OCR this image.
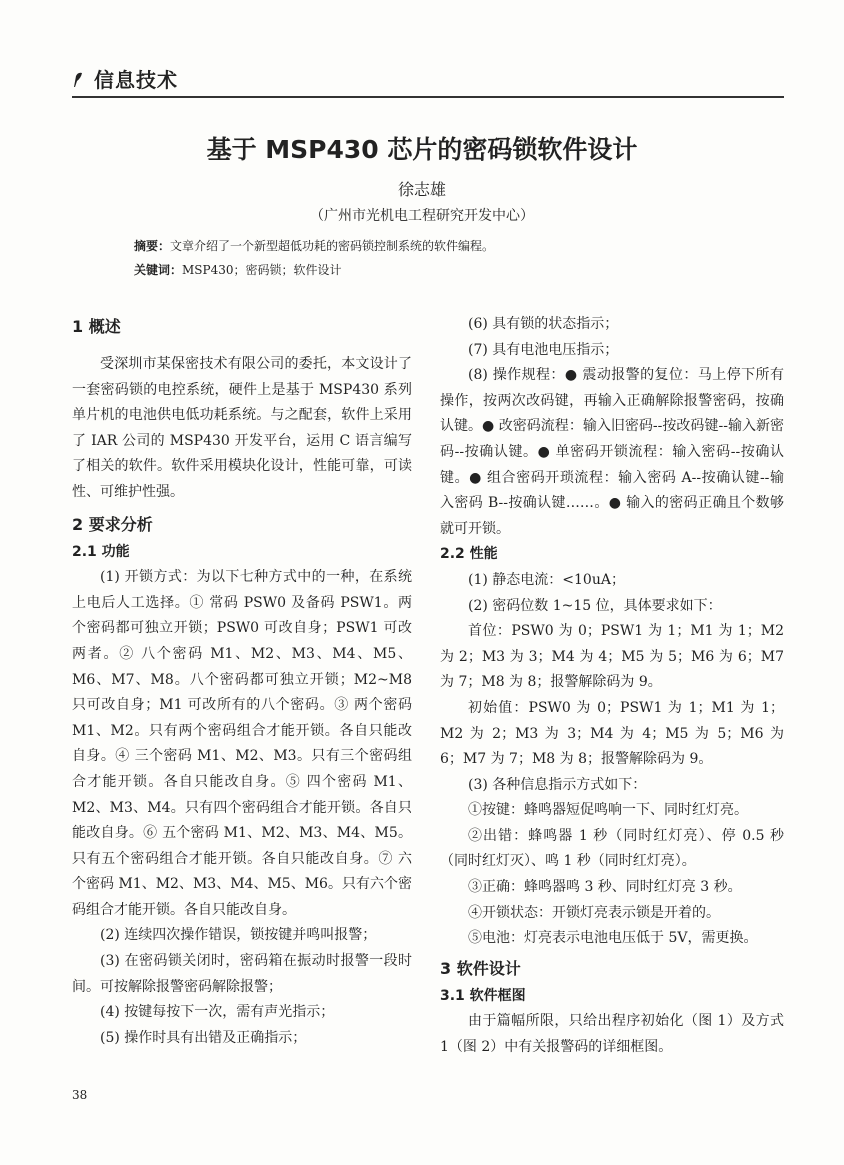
信息技术
基于 MSP430 芯片的密码锁软件设计
徐志雄
（广州市光机电工程研究开发中心）
摘要：文章介绍了一个新型超低功耗的密码锁控制系统的软件编程。
关键词：MSP430；密码锁；软件设计

1 概述

受深圳市某保密技术有限公司的委托，本文设计了一套密码锁的电控系统，硬件上是基于 MSP430 系列单片机的电池供电低功耗系统。与之配套，软件上采用了 IAR 公司的 MSP430 开发平台，运用 C 语言编写了相关的软件。软件采用模块化设计，性能可靠，可读性、可维护性强。

2 要求分析

2.1 功能

(1) 开锁方式：为以下七种方式中的一种，在系统上电后人工选择。① 常码 PSW0 及备码 PSW1。两个密码都可独立开锁；PSW0 可改自身；PSW1 可改两者。② 八个密码 M1、M2、M3、M4、M5、M6、M7、M8。八个密码都可独立开锁；M2~M8 只可改自身；M1 可改所有的八个密码。③ 两个密码 M1、M2。只有两个密码组合才能开锁。各自只能改自身。④ 三个密码 M1、M2、M3。只有三个密码组合才能开锁。各自只能改自身。⑤ 四个密码 M1、M2、M3、M4。只有四个密码组合才能开锁。各自只能改自身。⑥ 五个密码 M1、M2、M3、M4、M5。只有五个密码组合才能开锁。各自只能改自身。⑦ 六个密码 M1、M2、M3、M4、M5、M6。只有六个密码组合才能开锁。各自只能改自身。

(2) 连续四次操作错误，锁按键并鸣叫报警；

(3) 在密码锁关闭时，密码箱在振动时报警一段时间。可按解除报警密码解除报警；

(4) 按键每按下一次，需有声光指示；

(5) 操作时具有出错及正确指示；

(6) 具有锁的状态指示；

(7) 具有电池电压指示；

(8) 操作规程：● 震动报警的复位：马上停下所有操作，按两次改码键，再输入正确解除报警密码，按确认键。● 改密码流程：输入旧密码--按改码键--输入新密码--按确认键。● 单密码开锁流程：输入密码--按确认键。● 组合密码开琐流程：输入密码 A--按确认键--输入密码 B--按确认键……。● 输入的密码正确且个数够就可开锁。

2.2 性能

(1) 静态电流：<10uA；

(2) 密码位数 1~15 位，具体要求如下：

首位：PSW0 为 0；PSW1 为 1；M1 为 1；M2 为 2；M3 为 3；M4 为 4；M5 为 5；M6 为 6；M7 为 7；M8 为 8；报警解除码为 9。

初始值：PSW0 为 0；PSW1 为 1；M1 为 1；M2 为 2；M3 为 3；M4 为 4；M5 为 5；M6 为 6；M7 为 7；M8 为 8；报警解除码为 9。

(3) 各种信息指示方式如下：

①按键：蜂鸣器短促鸣响一下、同时红灯亮。

②出错：蜂鸣器 1 秒（同时红灯亮）、停 0.5 秒（同时红灯灭）、鸣 1 秒（同时红灯亮）。

③正确：蜂鸣器鸣 3 秒、同时红灯亮 3 秒。

④开锁状态：开锁灯亮表示锁是开着的。

⑤电池：灯亮表示电池电压低于 5V，需更换。

3 软件设计

3.1 软件框图

由于篇幅所限，只给出程序初始化（图 1）及方式 1（图 2）中有关报警码的详细框图。

38
